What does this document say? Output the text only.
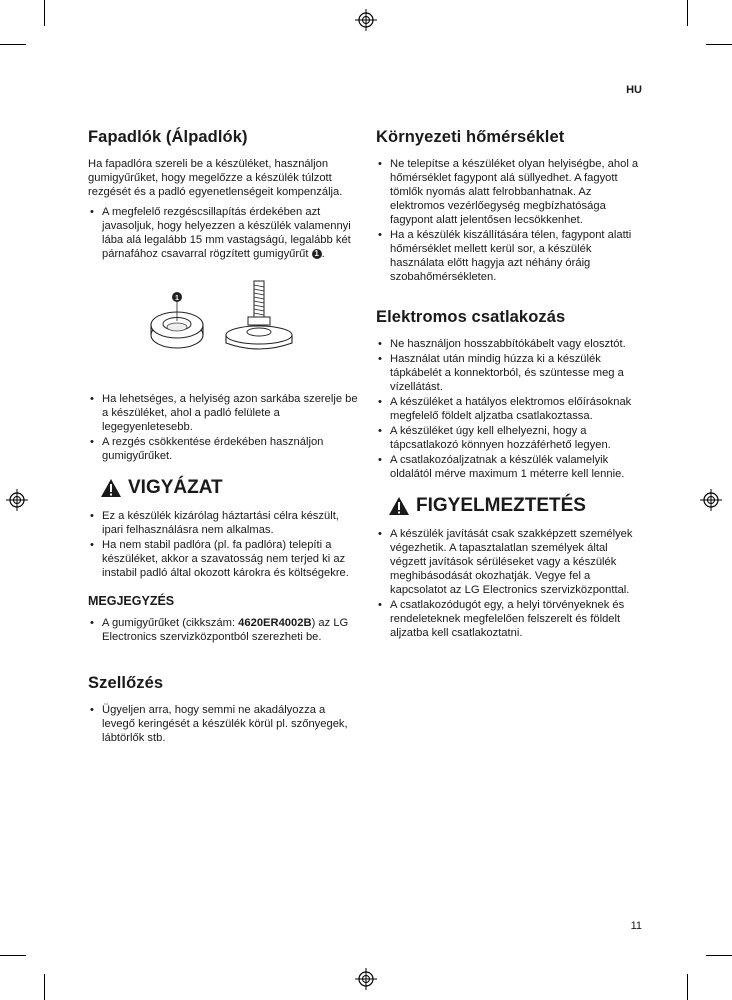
HU
11
Fapadlók (Álpadlók)

Ha fapadlóra szereli be a készüléket, használjon gumigyűrűket, hogy megelőzze a készülék túlzott rezgését és a padló egyenetlenségeit kompenzálja.

• A megfelelő rezgéscsillapítás érdekében azt javasoljuk, hogy helyezzen a készülék valamennyi lába alá legalább 15 mm vastagságú, legalább két párnafához csavarral rögzített gumigyűrűt 1 .
1
• Ha lehetséges, a helyiség azon sarkába szerelje be a készüléket, ahol a padló felülete a legegyenletesebb.
• A rezgés csökkentése érdekében használjon gumigyűrűket.
VIGYÁZAT
• Ez a készülék kizárólag háztartási célra készült, ipari felhasználásra nem alkalmas.
• Ha nem stabil padlóra (pl. fa padlóra) telepíti a készüléket, akkor a szavatosság nem terjed ki az instabil padló által okozott károkra és költségekre.
MEGJEGYZÉS
• A gumigyűrűket (cikkszám: 4620ER4002B) az LG Electronics szervizközpontból szerezheti be.
Szellőzés
• Ügyeljen arra, hogy semmi ne akadályozza a levegő keringését a készülék körül pl. szőnyegek, lábtörlők stb.
Környezeti hőmérséklet
• Ne telepítse a készüléket olyan helyiségbe, ahol a hőmérséklet fagypont alá süllyedhet. A fagyott tömlők nyomás alatt felrobbanhatnak. Az elektromos vezérlőegység megbízhatósága fagypont alatt jelentősen lecsökkenhet.
• Ha a készülék kiszállítására télen, fagypont alatti hőmérséklet mellett kerül sor, a készülék használata előtt hagyja azt néhány óráig szobahőmérsékleten.
Elektromos csatlakozás
• Ne használjon hosszabbítókábelt vagy elosztót.
• Használat után mindig húzza ki a készülék tápkábelét a konnektorból, és szüntesse meg a vízellátást.
• A készüléket a hatályos elektromos előírásoknak megfelelő földelt aljzatba csatlakoztassa.
• A készüléket úgy kell elhelyezni, hogy a tápcsatlakozó könnyen hozzáférhető legyen.
• A csatlakozóaljzatnak a készülék valamelyik oldalától mérve maximum 1 méterre kell lennie.
FIGYELMEZTETÉS
• A készülék javítását csak szakképzett személyek végezhetik. A tapasztalatlan személyek által végzett javítások sérüléseket vagy a készülék meghibásodását okozhatják. Vegye fel a kapcsolatot az LG Electronics szervizközponttal.
• A csatlakozódugót egy, a helyi törvényeknek és rendeleteknek megfelelően felszerelt és földelt aljzatba kell csatlakoztatni.
